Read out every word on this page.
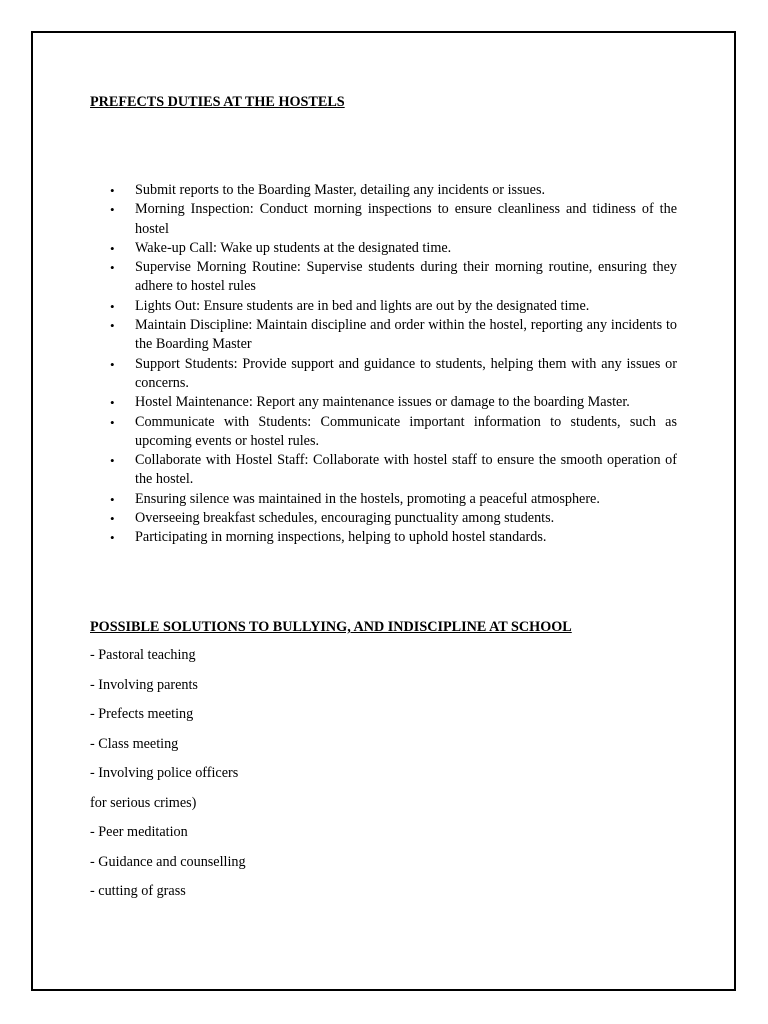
PREFECTS DUTIES AT THE HOSTELS
• Submit reports to the Boarding Master, detailing any incidents or issues.
• Morning Inspection: Conduct morning inspections to ensure cleanliness and tidiness of the hostel
• Wake-up Call: Wake up students at the designated time.
• Supervise Morning Routine: Supervise students during their morning routine, ensuring they adhere to hostel rules
• Lights Out: Ensure students are in bed and lights are out by the designated time.
• Maintain Discipline: Maintain discipline and order within the hostel, reporting any incidents to the Boarding Master
• Support Students: Provide support and guidance to students, helping them with any issues or concerns.
• Hostel Maintenance: Report any maintenance issues or damage to the boarding Master.
• Communicate with Students: Communicate important information to students, such as upcoming events or hostel rules.
• Collaborate with Hostel Staff: Collaborate with hostel staff to ensure the smooth operation of the hostel.
• Ensuring silence was maintained in the hostels, promoting a peaceful atmosphere.
• Overseeing breakfast schedules, encouraging punctuality among students.
• Participating in morning inspections, helping to uphold hostel standards.
POSSIBLE SOLUTIONS TO BULLYING, AND INDISCIPLINE AT SCHOOL
- Pastoral teaching
- Involving parents
- Prefects meeting
- Class meeting
- Involving police officers
for serious crimes)
- Peer meditation
- Guidance and counselling
- cutting of grass
